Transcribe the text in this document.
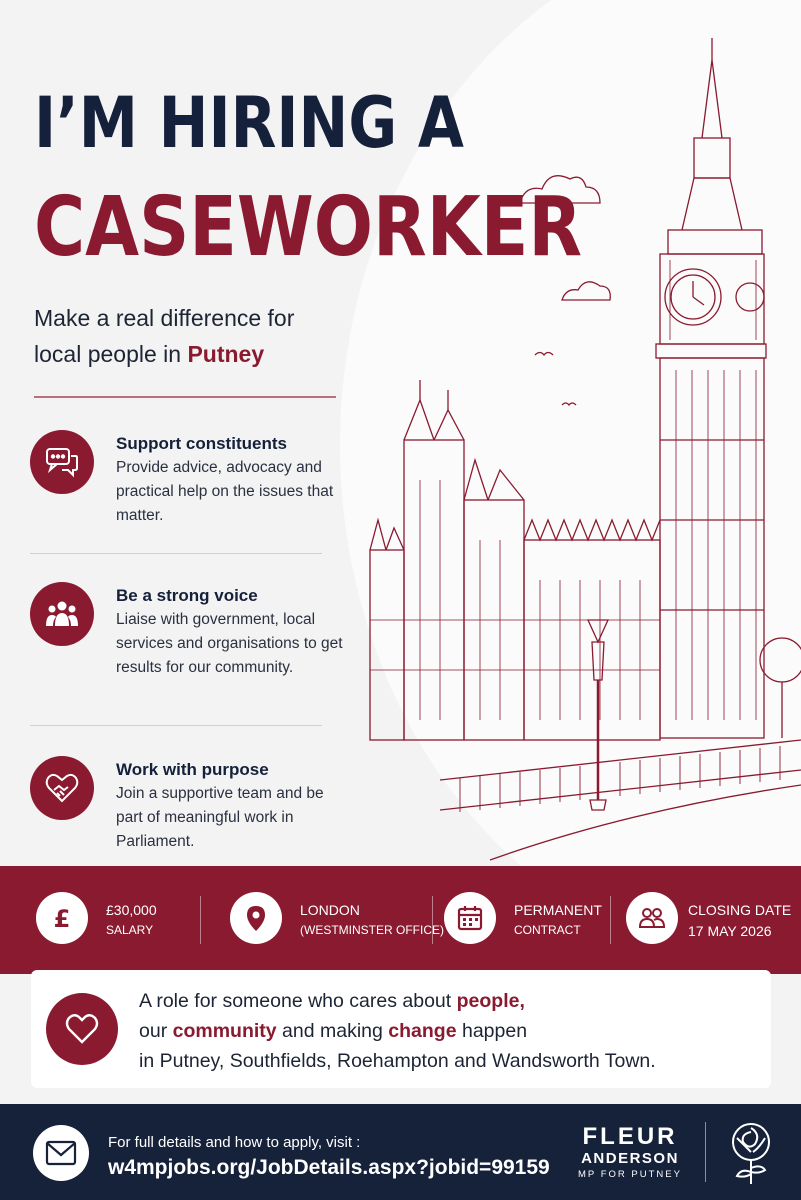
I’M HIRING A
CASEWORKER
Make a real difference for
local people in Putney
Support constituents
Provide advice, advocacy and practical help on the issues that matter.
Be a strong voice
Liaise with government, local services and organisations to get results for our community.
Work with purpose
Join a supportive team and be part of meaningful work in Parliament.
£	£30,000
SALARY
LONDON
(WESTMINSTER OFFICE)
PERMANENT
CONTRACT
CLOSING DATE
17 MAY 2026
A role for someone who cares about people,
our community and making change happen
in Putney, Southfields, Roehampton and Wandsworth Town.
For full details and how to apply, visit :
w4mpjobs.org/JobDetails.aspx?jobid=99159
FLEUR
ANDERSON
MP FOR PUTNEY
